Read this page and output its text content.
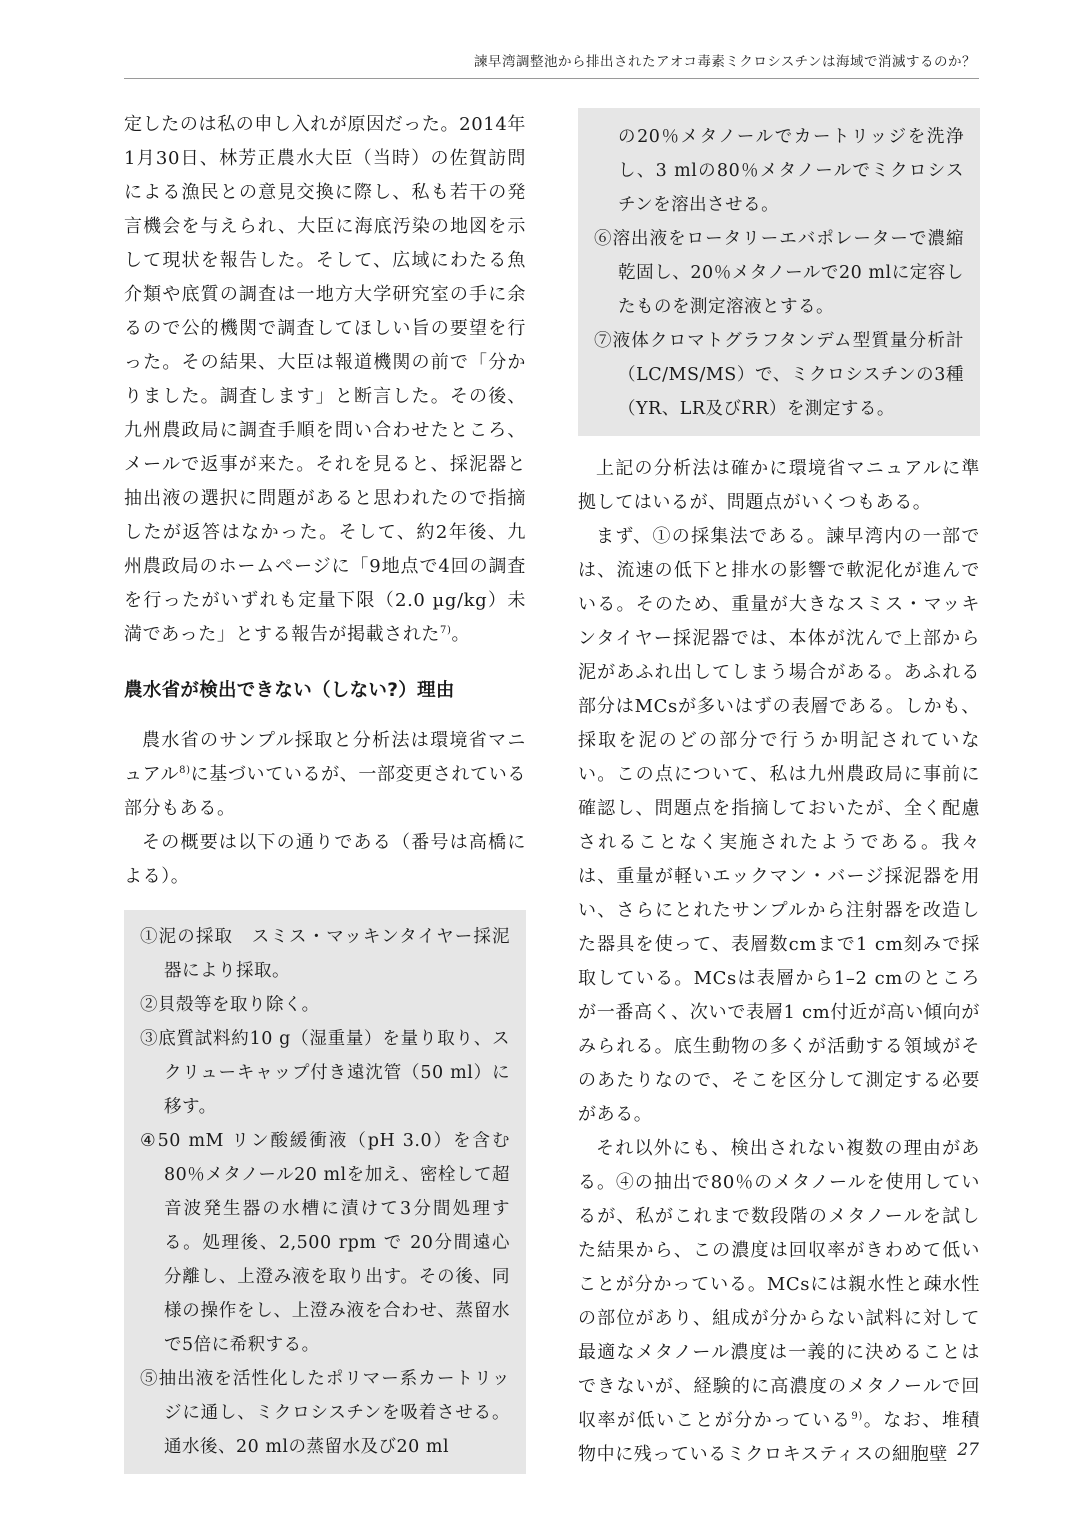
諫早湾調整池から排出されたアオコ毒素ミクロシスチンは海域で消滅するのか？

定したのは私の申し入れが原因だった。2014年1月30日、林芳正農水大臣（当時）の佐賀訪問による漁民との意見交換に際し、私も若干の発言機会を与えられ、大臣に海底汚染の地図を示して現状を報告した。そして、広域にわたる魚介類や底質の調査は一地方大学研究室の手に余るので公的機関で調査してほしい旨の要望を行った。その結果、大臣は報道機関の前で「分かりました。調査します」と断言した。その後、九州農政局に調査手順を問い合わせたところ、メールで返事が来た。それを見ると、採泥器と抽出液の選択に問題があると思われたので指摘したが返答はなかった。そして、約2年後、九州農政局のホームページに「9地点で4回の調査を行ったがいずれも定量下限（2.0 µg/kg）未満であった」とする報告が掲載された$^{7)}$。

農水省が検出できない（しない?）理由

農水省のサンプル採取と分析法は環境省マニュアル$^{8)}$に基づいているが、一部変更されている部分もある。

その概要は以下の通りである（番号は高橋による）。

①泥の採取　スミス・マッキンタイヤー採泥器により採取。
②貝殻等を取り除く。
③底質試料約10 g（湿重量）を量り取り、スクリューキャップ付き遠沈管（50 ml）に移す。
④50 mM リン酸緩衝液（pH 3.0）を含む80％メタノール20 mlを加え、密栓して超音波発生器の水槽に漬けて3分間処理する。処理後、2,500 rpm で 20分間遠心分離し、上澄み液を取り出す。その後、同様の操作をし、上澄み液を合わせ、蒸留水で5倍に希釈する。
⑤抽出液を活性化したポリマー系カートリッジに通し、ミクロシスチンを吸着させる。通水後、20 mlの蒸留水及び20 ml
の20％メタノールでカートリッジを洗浄し、3 mlの80％メタノールでミクロシスチンを溶出させる。
⑥溶出液をロータリーエバポレーターで濃縮乾固し、20％メタノールで20 mlに定容したものを測定溶液とする。
⑦液体クロマトグラフタンデム型質量分析計（LC/MS/MS）で、ミクロシスチンの3種（YR、LR及びRR）を測定する。

上記の分析法は確かに環境省マニュアルに準拠してはいるが、問題点がいくつもある。

まず、①の採集法である。諫早湾内の一部では、流速の低下と排水の影響で軟泥化が進んでいる。そのため、重量が大きなスミス・マッキンタイヤー採泥器では、本体が沈んで上部から泥があふれ出してしまう場合がある。あふれる部分はMCsが多いはずの表層である。しかも、採取を泥のどの部分で行うか明記されていない。この点について、私は九州農政局に事前に確認し、問題点を指摘しておいたが、全く配慮されることなく実施されたようである。我々は、重量が軽いエックマン・バージ採泥器を用い、さらにとれたサンプルから注射器を改造した器具を使って、表層数cmまで1 cm刻みで採取している。MCsは表層から1–2 cmのところが一番高く、次いで表層1 cm付近が高い傾向がみられる。底生動物の多くが活動する領域がそのあたりなので、そこを区分して測定する必要がある。

それ以外にも、検出されない複数の理由がある。④の抽出で80％のメタノールを使用しているが、私がこれまで数段階のメタノールを試した結果から、この濃度は回収率がきわめて低いことが分かっている。MCsには親水性と疎水性の部位があり、組成が分からない試料に対して最適なメタノール濃度は一義的に決めることはできないが、経験的に高濃度のメタノールで回収率が低いことが分かっている$^{9)}$。なお、堆積物中に残っているミクロキスティスの細胞壁 27
